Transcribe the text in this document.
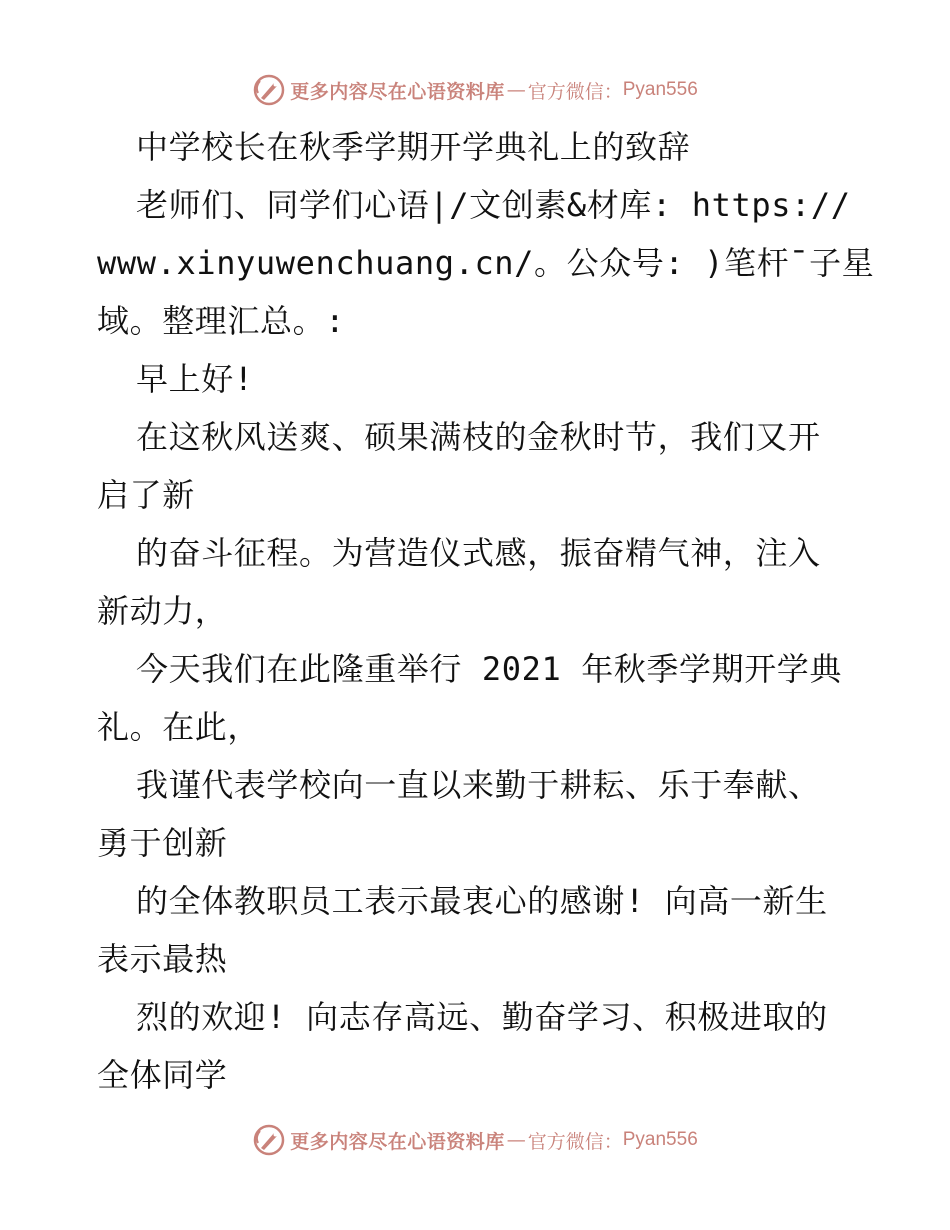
更多内容尽在心语资料库 — 官方微信： Pyan556
中学校长在秋季学期开学典礼上的致辞
老师们、同学们心语|/文创素&材库: https://
www.xinyuwenchuang.cn/。公众号: )笔杆¯子星
域。整理汇总。:
早上好!
在这秋风送爽、硕果满枝的金秋时节，我们又开
启了新
的奋斗征程。为营造仪式感，振奋精气神，注入
新动力，
今天我们在此隆重举行 2021 年秋季学期开学典
礼。在此，
我谨代表学校向一直以来勤于耕耘、乐于奉献、
勇于创新
的全体教职员工表示最衷心的感谢! 向高一新生
表示最热
烈的欢迎! 向志存高远、勤奋学习、积极进取的
全体同学
更多内容尽在心语资料库 — 官方微信： Pyan556
